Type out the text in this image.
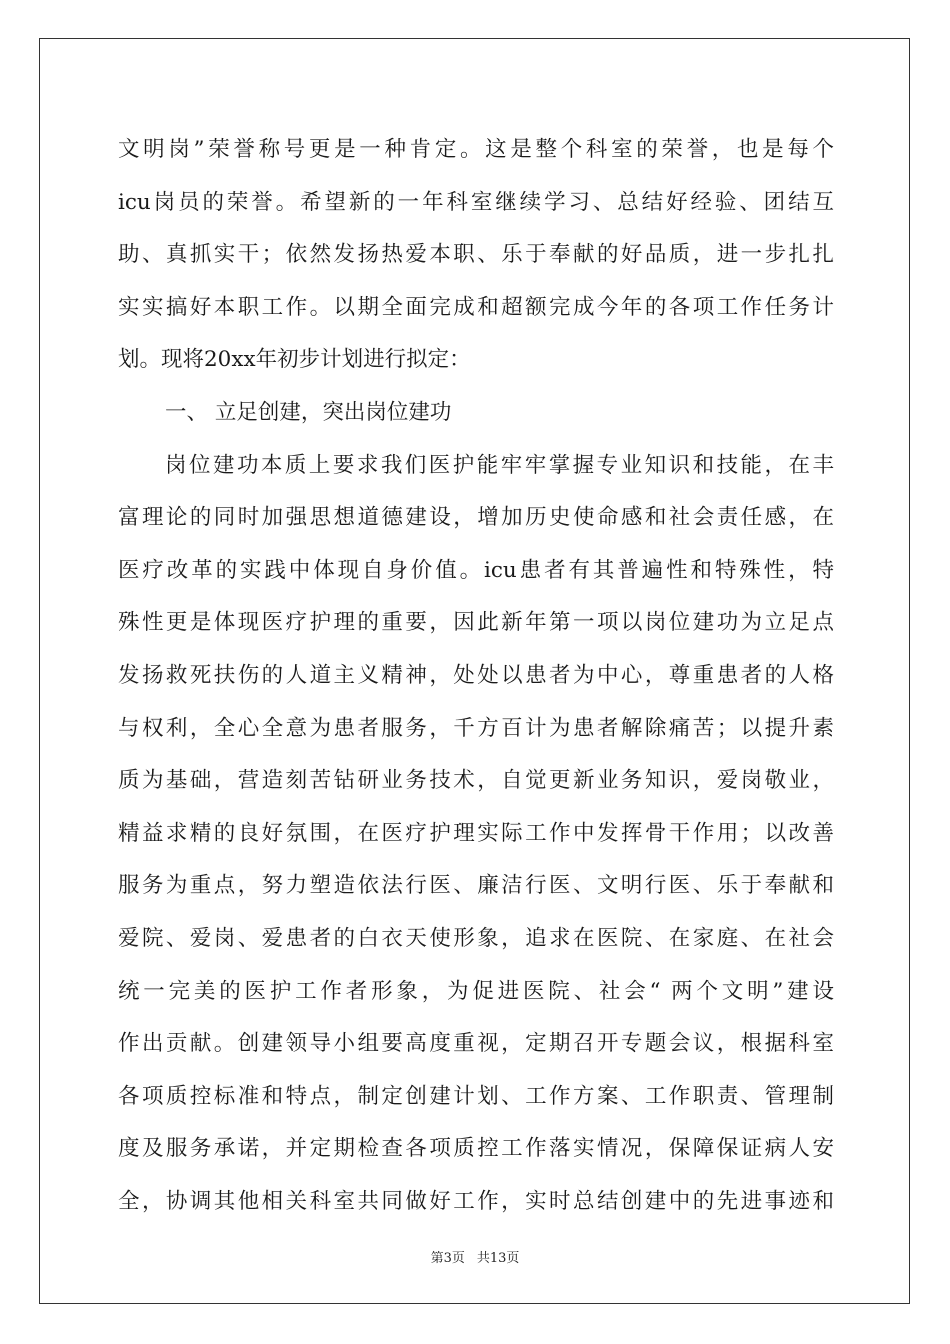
文明岗”荣誉称号更是一种肯定。这是整个科室的荣誉，也是每个
icu岗员的荣誉。希望新的一年科室继续学习、总结好经验、团结互
助、真抓实干；依然发扬热爱本职、乐于奉献的好品质，进一步扎扎
实实搞好本职工作。以期全面完成和超额完成今年的各项工作任务计
划。现将20xx年初步计划进行拟定：
一、 立足创建，突出岗位建功
岗位建功本质上要求我们医护能牢牢掌握专业知识和技能，在丰
富理论的同时加强思想道德建设，增加历史使命感和社会责任感，在
医疗改革的实践中体现自身价值。icu患者有其普遍性和特殊性，特
殊性更是体现医疗护理的重要，因此新年第一项以岗位建功为立足点
发扬救死扶伤的人道主义精神，处处以患者为中心，尊重患者的人格
与权利，全心全意为患者服务，千方百计为患者解除痛苦；以提升素
质为基础，营造刻苦钻研业务技术，自觉更新业务知识，爱岗敬业，
精益求精的良好氛围，在医疗护理实际工作中发挥骨干作用；以改善
服务为重点，努力塑造依法行医、廉洁行医、文明行医、乐于奉献和
爱院、爱岗、爱患者的白衣天使形象，追求在医院、在家庭、在社会
统一完美的医护工作者形象，为促进医院、社会“ 两个文明”建设
作出贡献。创建领导小组要高度重视，定期召开专题会议，根据科室
各项质控标准和特点，制定创建计划、工作方案、工作职责、管理制
度及服务承诺，并定期检查各项质控工作落实情况，保障保证病人安
全，协调其他相关科室共同做好工作，实时总结创建中的先进事迹和
第3页 共13页
